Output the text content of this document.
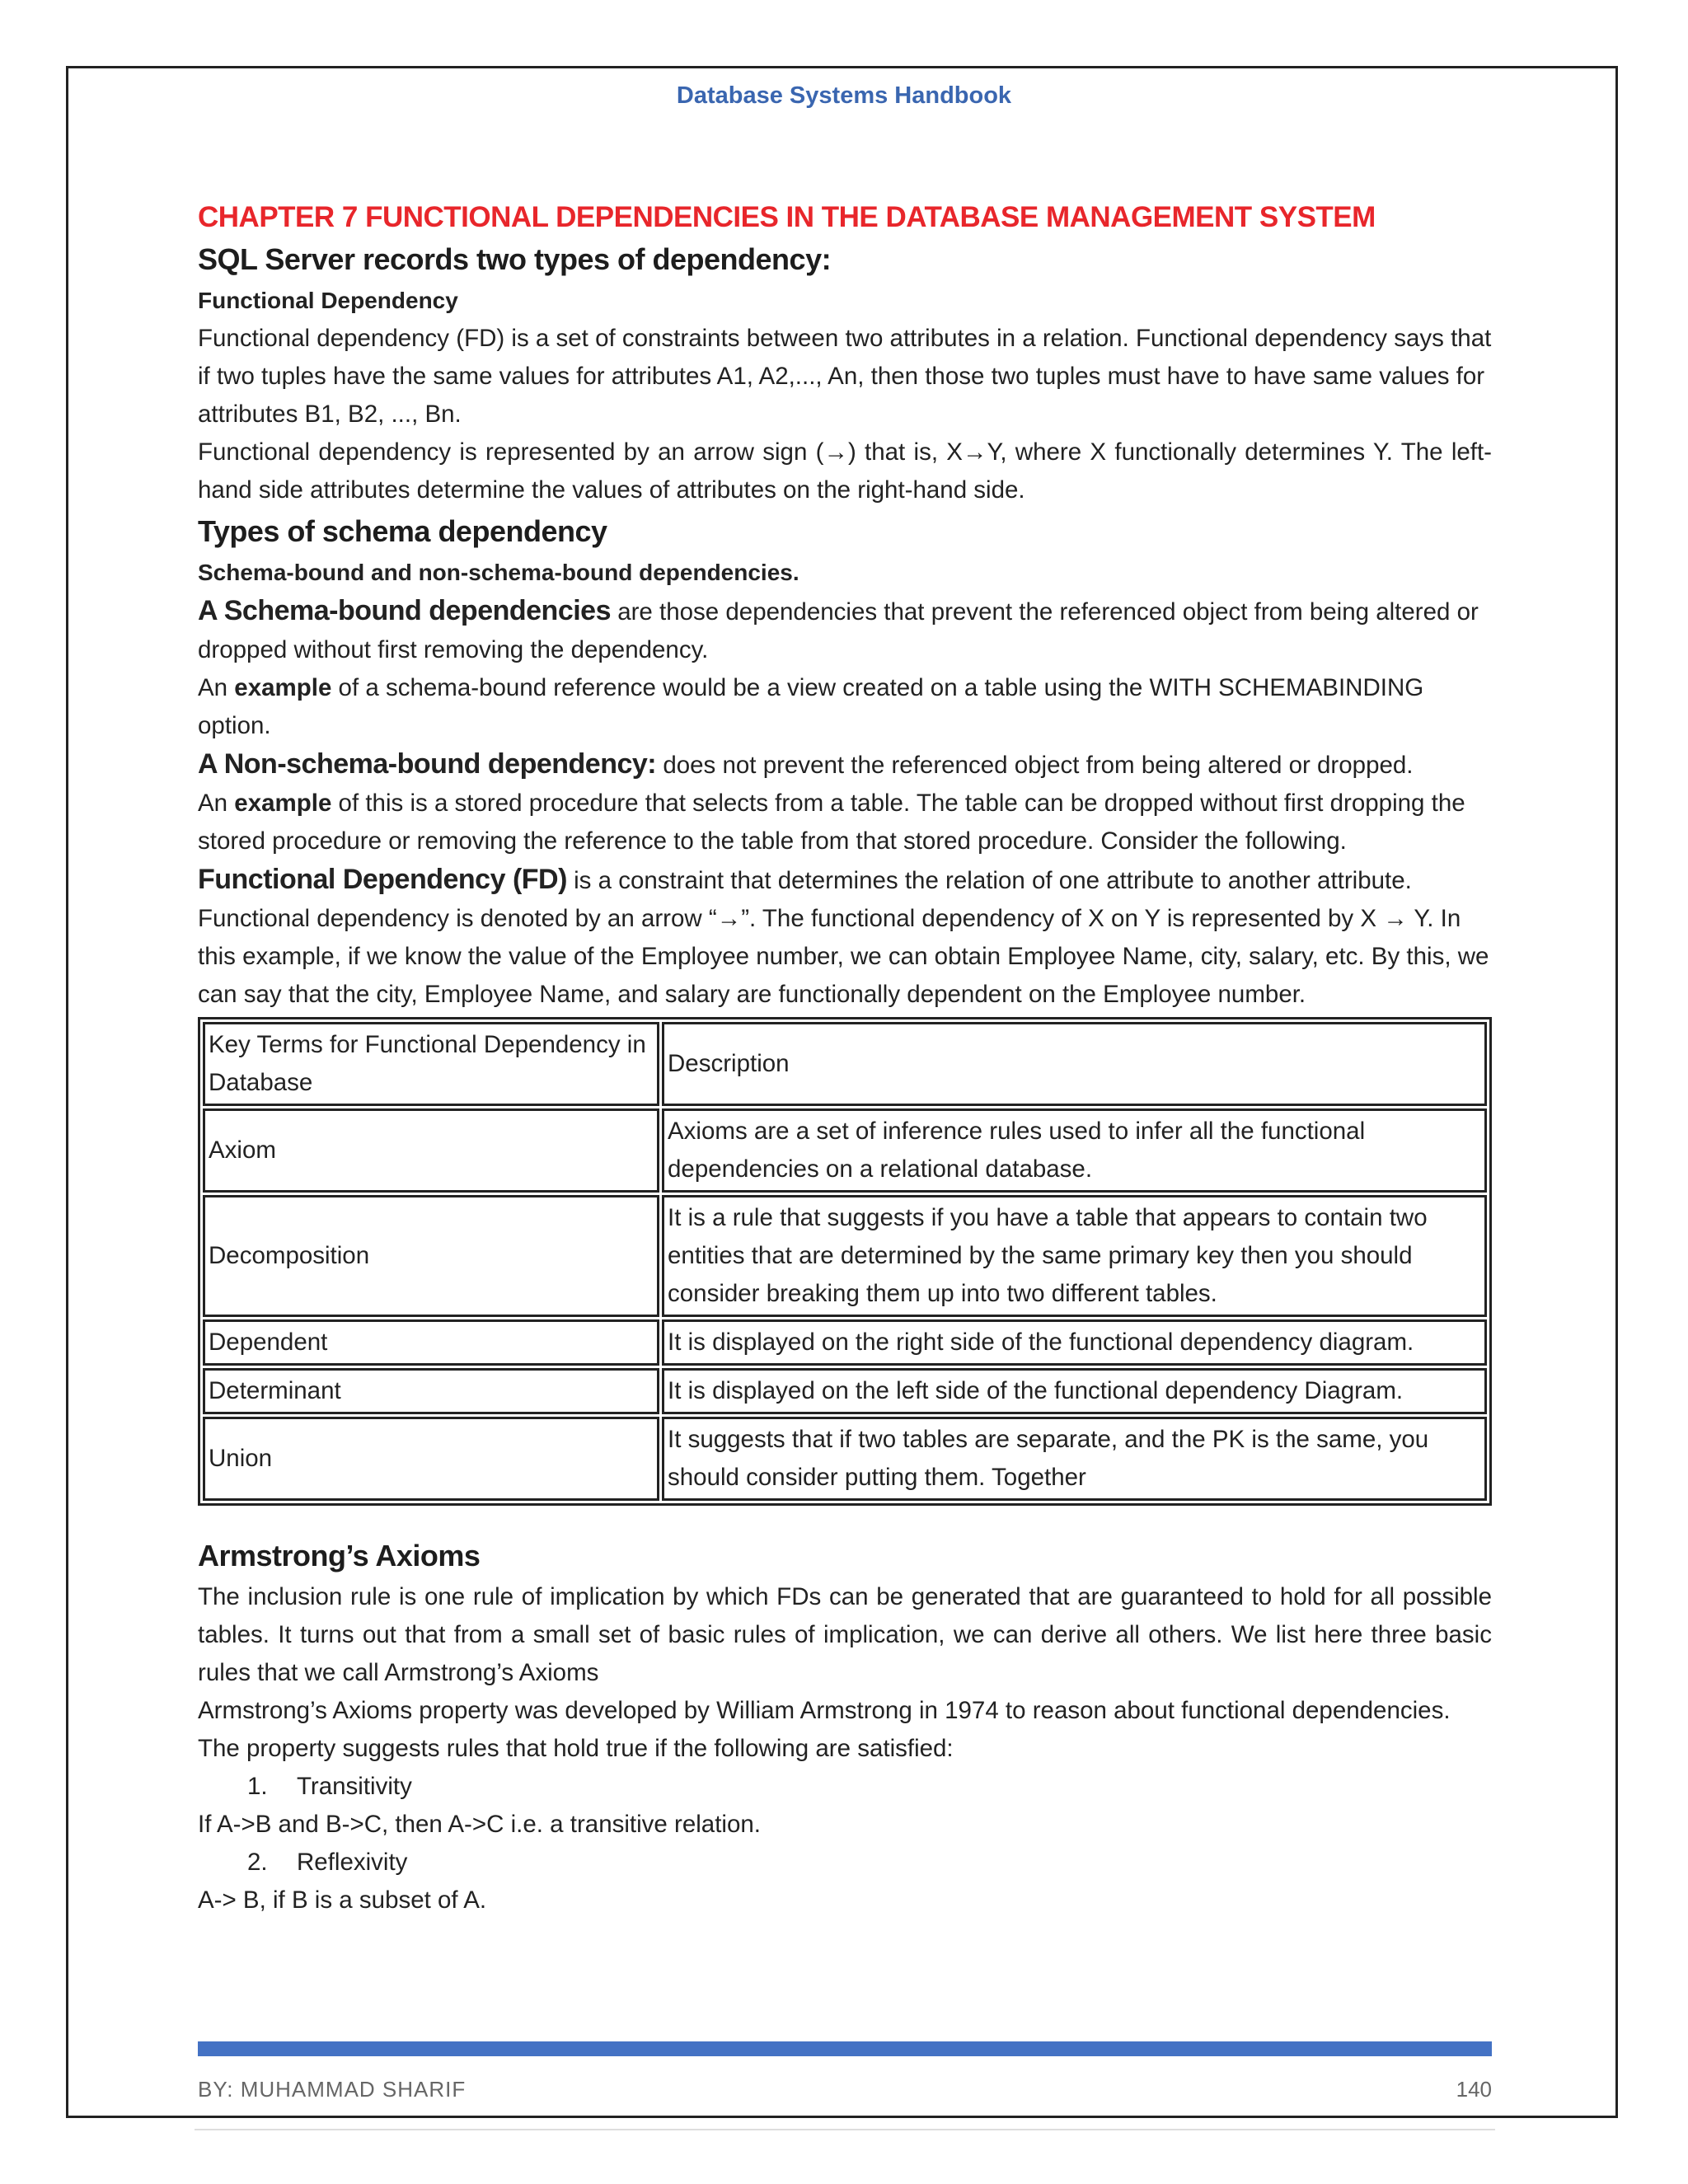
Database Systems Handbook

CHAPTER 7 FUNCTIONAL DEPENDENCIES IN THE DATABASE MANAGEMENT SYSTEM

SQL Server records two types of dependency:

Functional Dependency

Functional dependency (FD) is a set of constraints between two attributes in a relation. Functional dependency says that if two tuples have the same values for attributes A1, A2,..., An, then those two tuples must have to have same values for attributes B1, B2, ..., Bn.

Functional dependency is represented by an arrow sign (→) that is, X→Y, where X functionally determines Y. The left-hand side attributes determine the values of attributes on the right-hand side.

Types of schema dependency

Schema-bound and non-schema-bound dependencies.

A Schema-bound dependencies are those dependencies that prevent the referenced object from being altered or dropped without first removing the dependency.

An example of a schema-bound reference would be a view created on a table using the WITH SCHEMABINDING option.

A Non-schema-bound dependency: does not prevent the referenced object from being altered or dropped.

An example of this is a stored procedure that selects from a table. The table can be dropped without first dropping the stored procedure or removing the reference to the table from that stored procedure. Consider the following.

Functional Dependency (FD) is a constraint that determines the relation of one attribute to another attribute. Functional dependency is denoted by an arrow “→”. The functional dependency of X on Y is represented by X → Y. In this example, if we know the value of the Employee number, we can obtain Employee Name, city, salary, etc. By this, we can say that the city, Employee Name, and salary are functionally dependent on the Employee number.

Key Terms for Functional Dependency in Database	Description
Axiom	Axioms are a set of inference rules used to infer all the functional dependencies on a relational database.
Decomposition	It is a rule that suggests if you have a table that appears to contain two entities that are determined by the same primary key then you should consider breaking them up into two different tables.
Dependent	It is displayed on the right side of the functional dependency diagram.
Determinant	It is displayed on the left side of the functional dependency Diagram.
Union	It suggests that if two tables are separate, and the PK is the same, you should consider putting them. Together
Armstrong’s Axioms

The inclusion rule is one rule of implication by which FDs can be generated that are guaranteed to hold for all possible tables. It turns out that from a small set of basic rules of implication, we can derive all others. We list here three basic rules that we call Armstrong’s Axioms

Armstrong’s Axioms property was developed by William Armstrong in 1974 to reason about functional dependencies.

The property suggests rules that hold true if the following are satisfied:

1. Transitivity

If A->B and B->C, then A->C i.e. a transitive relation.

2. Reflexivity

A-> B, if B is a subset of A.

BY: MUHAMMAD SHARIF	140
